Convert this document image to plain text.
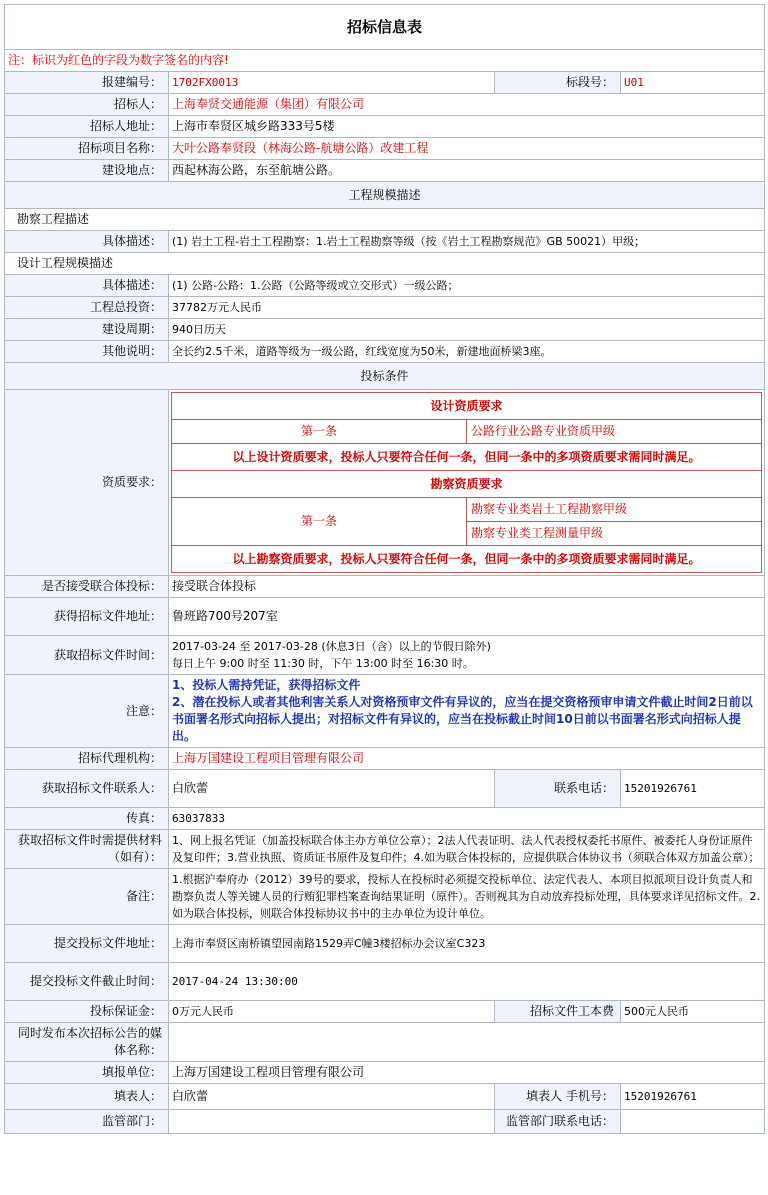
招标信息表
注：标识为红色的字段为数字签名的内容!
报建编号：	1702FX0013	标段号：	U01
招标人：	上海奉贤交通能源（集团）有限公司
招标人地址：	上海市奉贤区城乡路333号5楼
招标项目名称：	大叶公路奉贤段（林海公路-航塘公路）改建工程
建设地点：	西起林海公路，东至航塘公路。
工程规模描述
勘察工程描述
具体描述：	(1) 岩土工程-岩土工程勘察：1.岩土工程勘察等级（按《岩土工程勘察规范》GB 50021）甲级；
设计工程规模描述
具体描述：	(1) 公路-公路：1.公路（公路等级或立交形式）一级公路；
工程总投资：	37782万元人民币
建设周期：	940日历天
其他说明：	全长约2.5千米，道路等级为一级公路，红线宽度为50米，新建地面桥梁3座。
投标条件
资质要求：	
设计资质要求
第一条	公路行业公路专业资质甲级
以上设计资质要求，投标人只要符合任何一条，但同一条中的多项资质要求需同时满足。
勘察资质要求
第一条	勘察专业类岩土工程勘察甲级
勘察专业类工程测量甲级
以上勘察资质要求，投标人只要符合任何一条，但同一条中的多项资质要求需同时满足。

是否接受联合体投标：	接受联合体投标
获得招标文件地址：	鲁班路700号207室
获取招标文件时间：	
2017-03-24 至 2017-03-28 (休息3日（含）以上的节假日除外)
每日上午 9:00 时至 11:30 时，下午 13:00 时至 16:30 时。

注意：	
1、投标人需持凭证，获得招标文件
2、潜在投标人或者其他利害关系人对资格预审文件有异议的，应当在提交资格预审申请文件截止时间2日前以书面署名形式向招标人提出；对招标文件有异议的，应当在投标截止时间10日前以书面署名形式向招标人提出。

招标代理机构：	上海万国建设工程项目管理有限公司
获取招标文件联系人：	白欣蕾	联系电话：	15201926761
传真：	63037833
获取招标文件时需提供材料（如有）：	1、网上报名凭证（加盖投标联合体主办方单位公章）；2法人代表证明、法人代表授权委托书原件、被委托人身份证原件及复印件；3.营业执照、资质证书原件及复印件；4.如为联合体投标的，应提供联合体协议书（须联合体双方加盖公章）；
备注：	1.根据沪奉府办（2012）39号的要求，投标人在投标时必须提交投标单位、法定代表人、本项目拟派项目设计负责人和勘察负责人等关键人员的行贿犯罪档案查询结果证明（原件）。否则视其为自动放弃投标处理，具体要求详见招标文件。2.如为联合体投标，则联合体投标协议书中的主办单位为设计单位。
提交投标文件地址：	上海市奉贤区南桥镇望园南路1529弄C幢3楼招标办会议室C323
提交投标文件截止时间：	2017-04-24 13:30:00
投标保证金：	0万元人民币	招标文件工本费	500元人民币
同时发布本次招标公告的媒体名称：	
填报单位：	上海万国建设工程项目管理有限公司
填表人：	白欣蕾	填表人 手机号：	15201926761
监管部门：		监管部门联系电话：	
